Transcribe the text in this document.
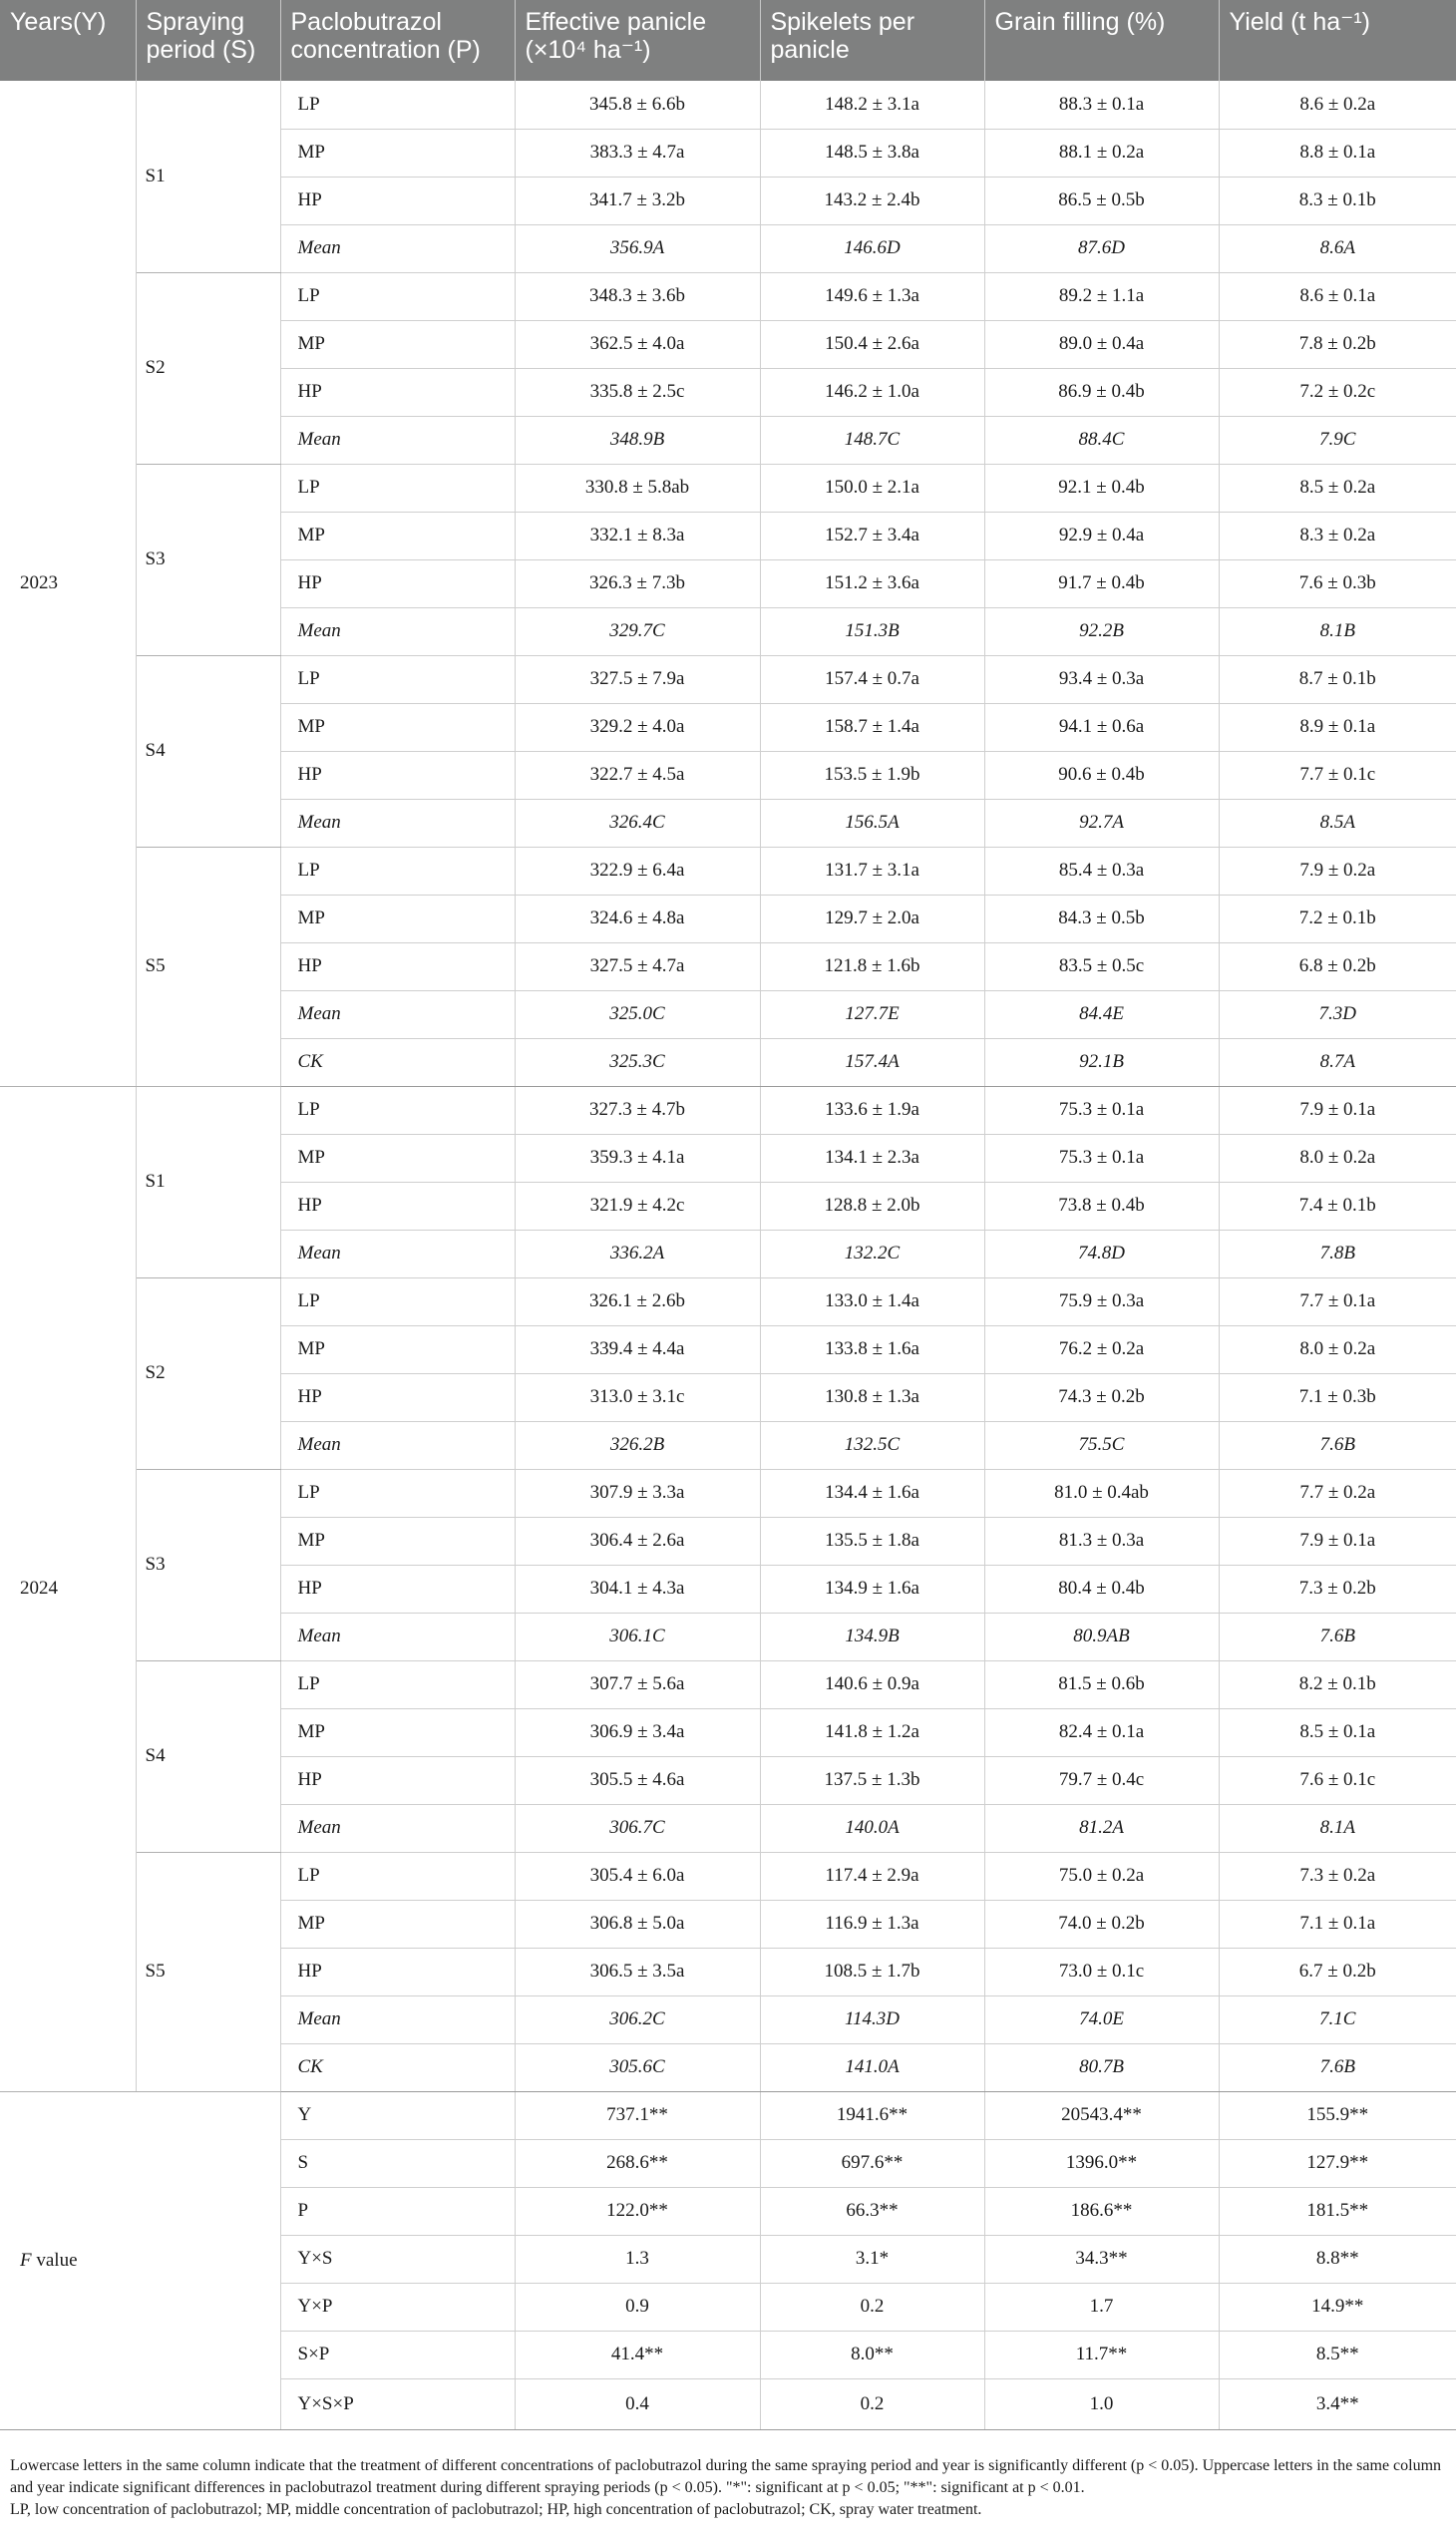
Years(Y)	Spraying period (S)	Paclobutrazol concentration (P)	Effective panicle (×10⁴ ha⁻¹)	Spikelets per panicle	Grain filling (%)	Yield (t ha⁻¹)
2023	S1	LP	345.8 ± 6.6b	148.2 ± 3.1a	88.3 ± 0.1a	8.6 ± 0.2a
		MP	383.3 ± 4.7a	148.5 ± 3.8a	88.1 ± 0.2a	8.8 ± 0.1a
		HP	341.7 ± 3.2b	143.2 ± 2.4b	86.5 ± 0.5b	8.3 ± 0.1b
		Mean	356.9A	146.6D	87.6D	8.6A
	S2	LP	348.3 ± 3.6b	149.6 ± 1.3a	89.2 ± 1.1a	8.6 ± 0.1a
		MP	362.5 ± 4.0a	150.4 ± 2.6a	89.0 ± 0.4a	7.8 ± 0.2b
		HP	335.8 ± 2.5c	146.2 ± 1.0a	86.9 ± 0.4b	7.2 ± 0.2c
		Mean	348.9B	148.7C	88.4C	7.9C
	S3	LP	330.8 ± 5.8ab	150.0 ± 2.1a	92.1 ± 0.4b	8.5 ± 0.2a
		MP	332.1 ± 8.3a	152.7 ± 3.4a	92.9 ± 0.4a	8.3 ± 0.2a
		HP	326.3 ± 7.3b	151.2 ± 3.6a	91.7 ± 0.4b	7.6 ± 0.3b
		Mean	329.7C	151.3B	92.2B	8.1B
	S4	LP	327.5 ± 7.9a	157.4 ± 0.7a	93.4 ± 0.3a	8.7 ± 0.1b
		MP	329.2 ± 4.0a	158.7 ± 1.4a	94.1 ± 0.6a	8.9 ± 0.1a
		HP	322.7 ± 4.5a	153.5 ± 1.9b	90.6 ± 0.4b	7.7 ± 0.1c
		Mean	326.4C	156.5A	92.7A	8.5A
	S5	LP	322.9 ± 6.4a	131.7 ± 3.1a	85.4 ± 0.3a	7.9 ± 0.2a
		MP	324.6 ± 4.8a	129.7 ± 2.0a	84.3 ± 0.5b	7.2 ± 0.1b
		HP	327.5 ± 4.7a	121.8 ± 1.6b	83.5 ± 0.5c	6.8 ± 0.2b
		Mean	325.0C	127.7E	84.4E	7.3D
		CK	325.3C	157.4A	92.1B	8.7A
2024	S1	LP	327.3 ± 4.7b	133.6 ± 1.9a	75.3 ± 0.1a	7.9 ± 0.1a
		MP	359.3 ± 4.1a	134.1 ± 2.3a	75.3 ± 0.1a	8.0 ± 0.2a
		HP	321.9 ± 4.2c	128.8 ± 2.0b	73.8 ± 0.4b	7.4 ± 0.1b
		Mean	336.2A	132.2C	74.8D	7.8B
	S2	LP	326.1 ± 2.6b	133.0 ± 1.4a	75.9 ± 0.3a	7.7 ± 0.1a
		MP	339.4 ± 4.4a	133.8 ± 1.6a	76.2 ± 0.2a	8.0 ± 0.2a
		HP	313.0 ± 3.1c	130.8 ± 1.3a	74.3 ± 0.2b	7.1 ± 0.3b
		Mean	326.2B	132.5C	75.5C	7.6B
	S3	LP	307.9 ± 3.3a	134.4 ± 1.6a	81.0 ± 0.4ab	7.7 ± 0.2a
		MP	306.4 ± 2.6a	135.5 ± 1.8a	81.3 ± 0.3a	7.9 ± 0.1a
		HP	304.1 ± 4.3a	134.9 ± 1.6a	80.4 ± 0.4b	7.3 ± 0.2b
		Mean	306.1C	134.9B	80.9AB	7.6B
	S4	LP	307.7 ± 5.6a	140.6 ± 0.9a	81.5 ± 0.6b	8.2 ± 0.1b
		MP	306.9 ± 3.4a	141.8 ± 1.2a	82.4 ± 0.1a	8.5 ± 0.1a
		HP	305.5 ± 4.6a	137.5 ± 1.3b	79.7 ± 0.4c	7.6 ± 0.1c
		Mean	306.7C	140.0A	81.2A	8.1A
	S5	LP	305.4 ± 6.0a	117.4 ± 2.9a	75.0 ± 0.2a	7.3 ± 0.2a
		MP	306.8 ± 5.0a	116.9 ± 1.3a	74.0 ± 0.2b	7.1 ± 0.1a
		HP	306.5 ± 3.5a	108.5 ± 1.7b	73.0 ± 0.1c	6.7 ± 0.2b
		Mean	306.2C	114.3D	74.0E	7.1C
		CK	305.6C	141.0A	80.7B	7.6B
F value		Y	737.1**	1941.6**	20543.4**	155.9**
		S	268.6**	697.6**	1396.0**	127.9**
		P	122.0**	66.3**	186.6**	181.5**
		Y×S	1.3	3.1*	34.3**	8.8**
		Y×P	0.9	0.2	1.7	14.9**
		S×P	41.4**	8.0**	11.7**	8.5**
		Y×S×P	0.4	0.2	1.0	3.4**

Lowercase letters in the same column indicate that the treatment of different concentrations of paclobutrazol during the same spraying period and year is significantly different (p < 0.05). Uppercase letters in the same column and year indicate significant differences in paclobutrazol treatment during different spraying periods (p < 0.05). "*": significant at p < 0.05; "**": significant at p < 0.01.

LP, low concentration of paclobutrazol; MP, middle concentration of paclobutrazol; HP, high concentration of paclobutrazol; CK, spray water treatment.
